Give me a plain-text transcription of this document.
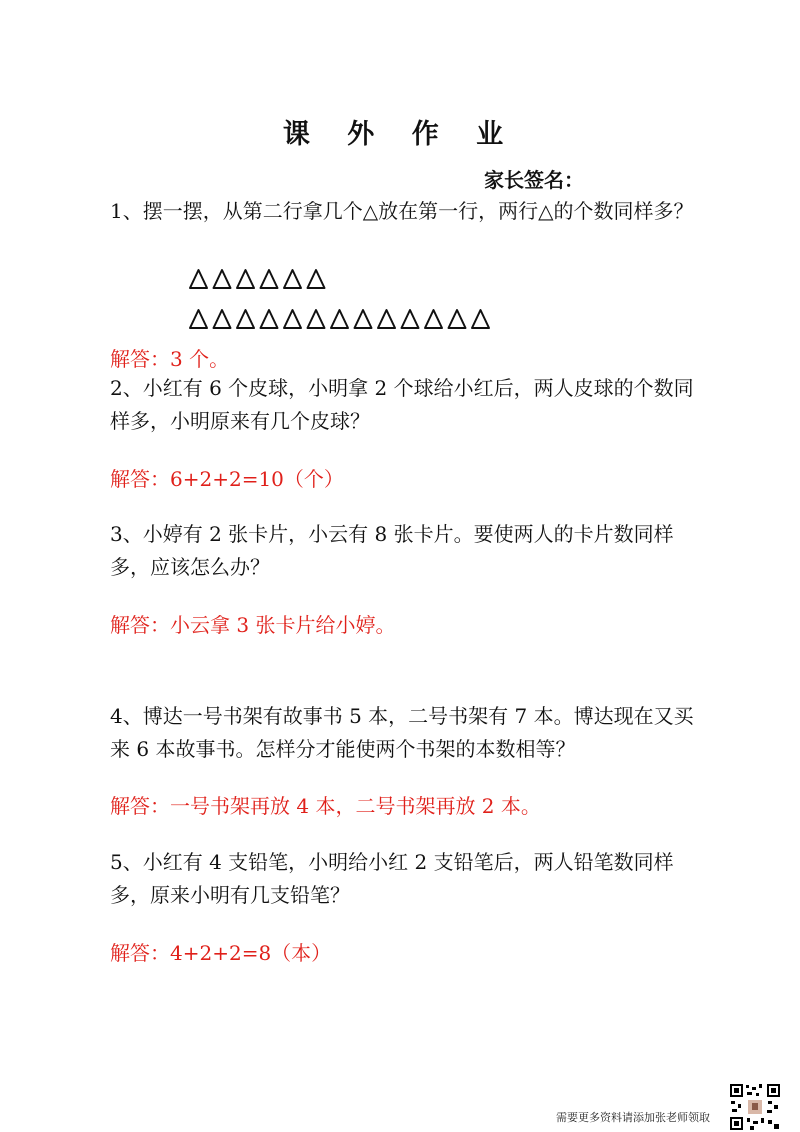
课 外 作 业
家长签名：
1、摆一摆，从第二行拿几个△放在第一行，两行△的个数同样多？
解答：3 个。
2、小红有 6 个皮球，小明拿 2 个球给小红后，两人皮球的个数同样多，小明原来有几个皮球？
解答：6+2+2=10（个）
3、小婷有 2 张卡片，小云有 8 张卡片。要使两人的卡片数同样多，应该怎么办？
解答：小云拿 3 张卡片给小婷。
4、博达一号书架有故事书 5 本，二号书架有 7 本。博达现在又买来 6 本故事书。怎样分才能使两个书架的本数相等？
解答：一号书架再放 4 本，二号书架再放 2 本。
5、小红有 4 支铅笔，小明给小红 2 支铅笔后，两人铅笔数同样多，原来小明有几支铅笔？
解答：4+2+2=8（本）
需要更多资料请添加张老师领取
